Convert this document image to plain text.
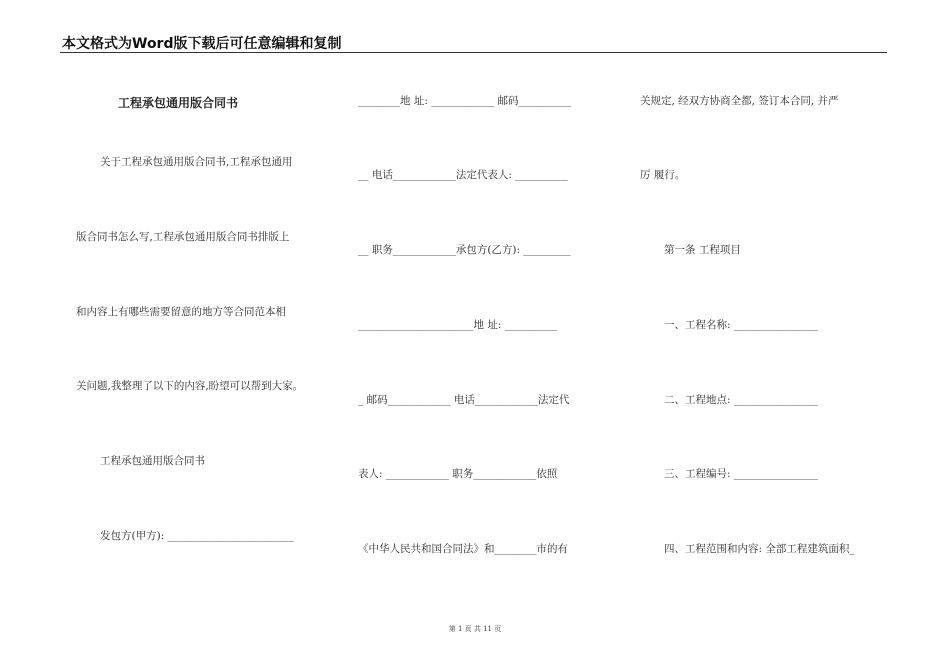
本文格式为Word版下载后可任意编辑和复制
工程承包通用版合同书
关于工程承包通用版合同书,工程承包通用
版合同书怎么写,工程承包通用版合同书排版上
和内容上有哪些需要留意的地方等合同范本相
关问题,我整理了以下的内容,盼望可以帮到大家。
工程承包通用版合同书
发包方(甲方): ________________________
________地 址: ____________ 邮码__________
__ 电话____________法定代表人: __________
__ 职务____________承包方(乙方): _________
______________________地 址: __________
_ 邮码____________ 电话____________法定代
表人: ____________ 职务____________依照
《中华人民共和国合同法》和________市的有
关规定, 经双方协商全都, 签订本合同, 并严
厉 履行。
第一条 工程项目
一、工程名称: ________________
二、工程地点: ________________
三、工程编号: ________________
四、工程范围和内容: 全部工程建筑面积_
第 1 页 共 11 页
